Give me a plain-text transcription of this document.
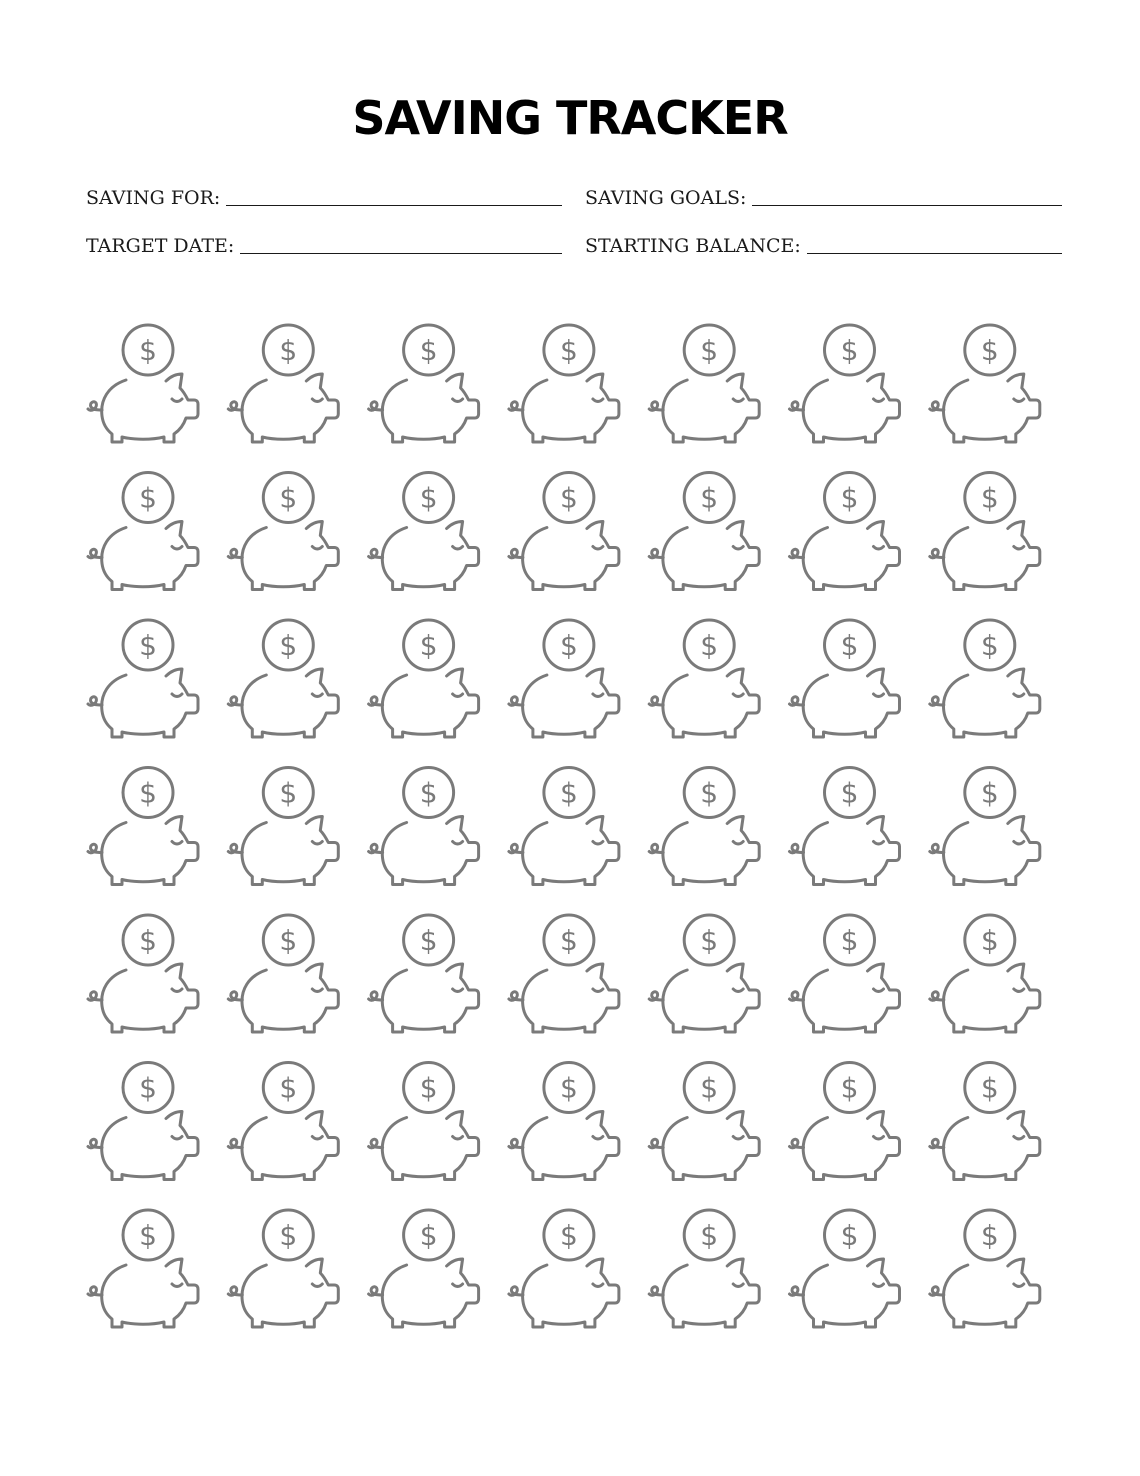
SAVING TRACKER
SAVING FOR:	SAVING GOALS:
TARGET DATE:	STARTING BALANCE:
$	$	$	$	$	$	$
$	$	$	$	$	$	$
$	$	$	$	$	$	$
$	$	$	$	$	$	$
$	$	$	$	$	$	$
$	$	$	$	$	$	$
$	$	$	$	$	$	$
